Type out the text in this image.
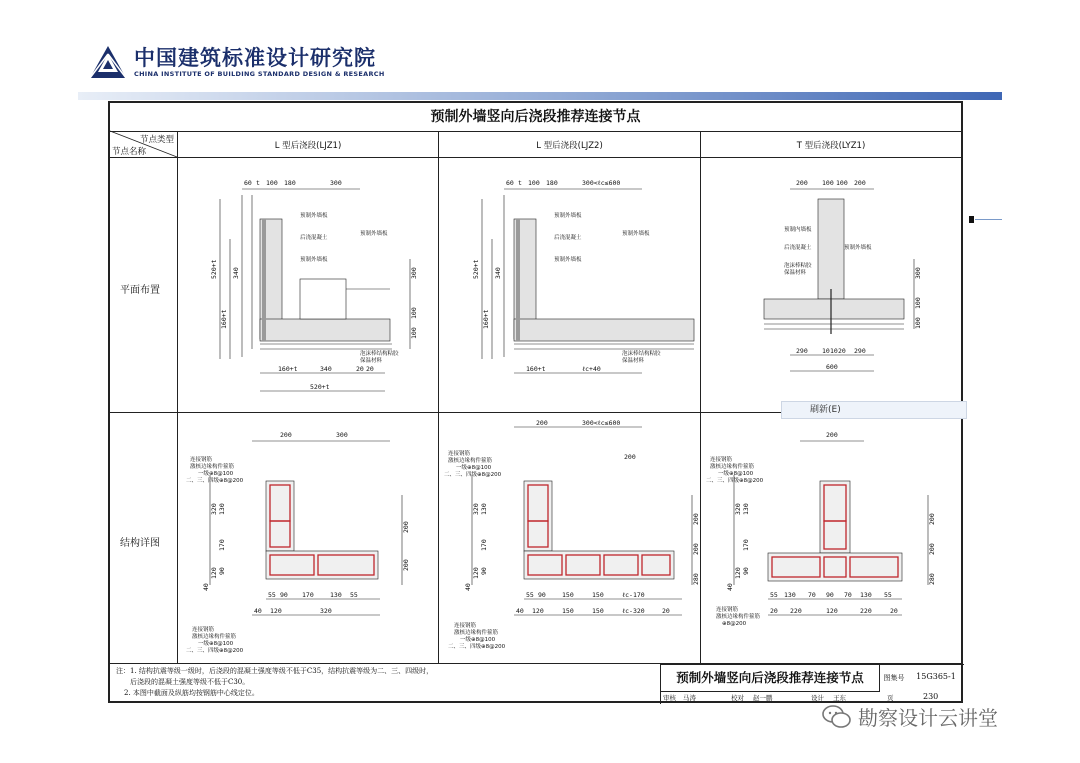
中国建筑标准设计研究院
CHINA INSTITUTE OF BUILDING STANDARD DESIGN & RESEARCH
预制外墙竖向后浇段推荐连接节点
节点类型
节点名称
L 型后浇段(LJZ1)	L 型后浇段(LJZ2)	T 型后浇段(LYZ1)
平面布置
结构详图
60 t 100 180	300
520+t
160+t
340
160+t	340	20 20
520+t
300
100
100
预制外墙板
后浇混凝土
预制外墙板
预制外墙板
泡沫棒结构粘胶
保温材料
60 t 100 180	300<ℓc≤600
520+t
160+t
340
160+t	ℓc+40
预制外墙板
后浇混凝土
预制外墙板
预制外墙板
泡沫棒结构粘胶
保温材料
200 100 100 200
290 10 10 20 290
600
300
100
100
预制内墙板
后浇混凝土	预制外墙板
泡沫棒粘胶
保温材料
200	300
320 130
170
90
120
40
55 90 170	130 55
40 120	320
200
200
连接钢筋
激核边缘构件箍筋
一级⊕8@100
二、三、四级⊕8@200
连接钢筋
激核边缘构件箍筋
一级⊕8@100
二、三、四级⊕8@200
200	300<ℓc≤600
200
320 130
170
90
120
40
55 90 150	150	ℓc-170
40 120	150	150	ℓc-320	20
200
200
280
连接钢筋
激核边缘构件箍筋
一级⊕8@100
二、三、四级⊕8@200
连接钢筋
激核边缘构件箍筋
一级⊕8@100
二、三、四级⊕8@200
200
320 130
170
90
120
40
55 130 70 90 70 130 55
20 220	120	220	20
200
200
280
连接钢筋
激核边缘构件箍筋
一级⊕8@100
二、三、四级⊕8@200
连接钢筋
激核边缘构件箍筋
⊕8@200
注：1. 结构抗震等级一级时，后浇段的混凝土强度等级不低于C35，结构抗震等级为二、三、四级时，
后浇段的混凝土强度等级不低于C30。
2. 本图中截面及纵筋均按钢筋中心线定位。
预制外墙竖向后浇段推荐连接节点	图集号	15G365-1
审核 马涛	校对 赵一鹏	设计 王东	页	230
刷新(E)
勘察设计云讲堂
